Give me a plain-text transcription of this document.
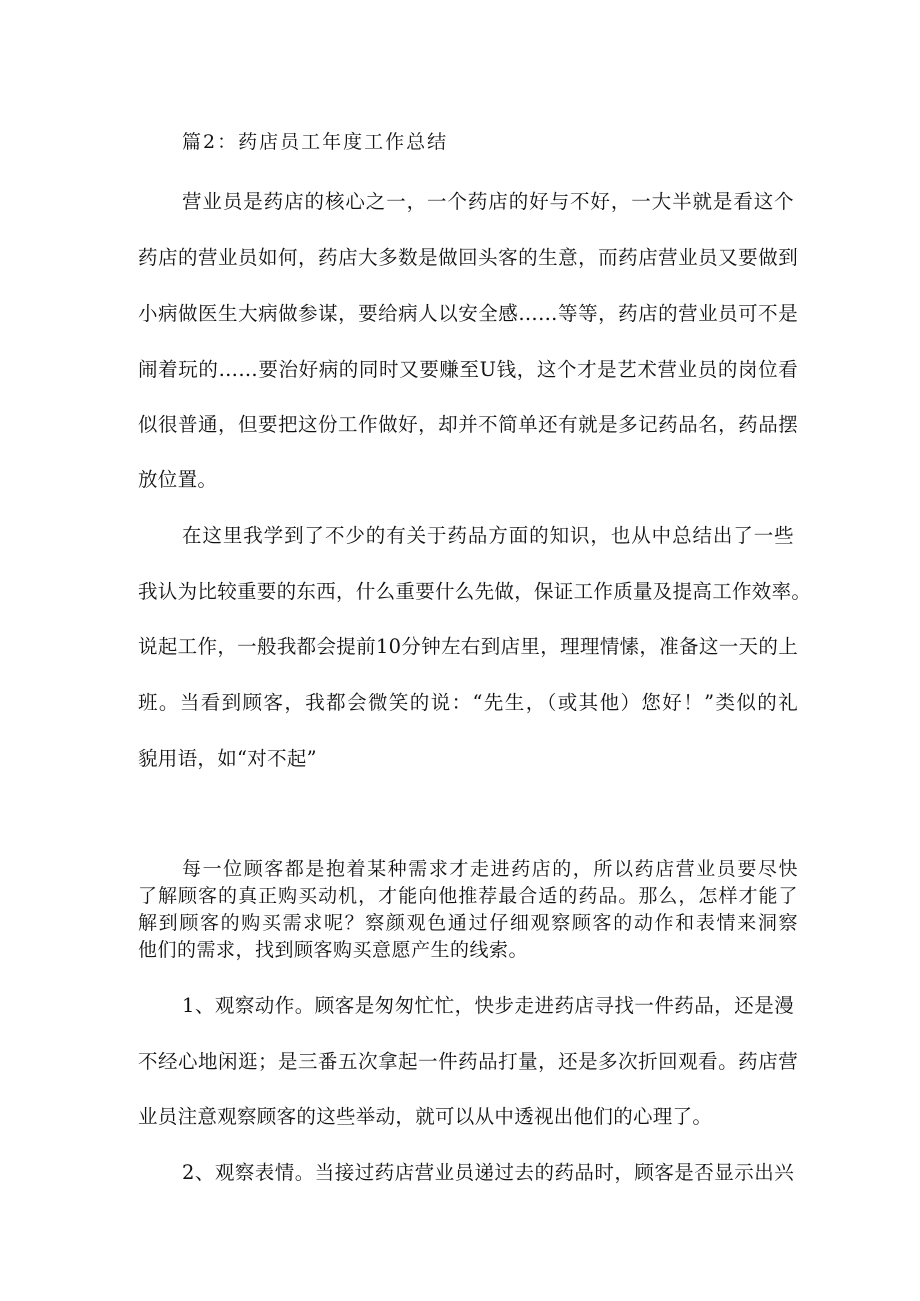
篇2：药店员工年度工作总结
营业员是药店的核心之一，一个药店的好与不好，一大半就是看这个
药店的营业员如何，药店大多数是做回头客的生意，而药店营业员又要做到
小病做医生大病做参谋，要给病人以安全感……等等，药店的营业员可不是
闹着玩的……要治好病的同时又要赚至U钱，这个才是艺术营业员的岗位看
似很普通，但要把这份工作做好，却并不简单还有就是多记药品名，药品摆
放位置。
在这里我学到了不少的有关于药品方面的知识，也从中总结出了一些
我认为比较重要的东西，什么重要什么先做，保证工作质量及提高工作效率。
说起工作，一般我都会提前10分钟左右到店里，理理情愫，准备这一天的上
班。当看到顾客，我都会微笑的说：“先生，（或其他）您好！”类似的礼
貌用语，如“对不起”
每一位顾客都是抱着某种需求才走进药店的，所以药店营业员要尽快
了解顾客的真正购买动机，才能向他推荐最合适的药品。那么，怎样才能了
解到顾客的购买需求呢？察颜观色通过仔细观察顾客的动作和表情来洞察
他们的需求，找到顾客购买意愿产生的线索。
1、观察动作。顾客是匆匆忙忙，快步走进药店寻找一件药品，还是漫
不经心地闲逛；是三番五次拿起一件药品打量，还是多次折回观看。药店营
业员注意观察顾客的这些举动，就可以从中透视出他们的心理了。
2、观察表情。当接过药店营业员递过去的药品时，顾客是否显示出兴
